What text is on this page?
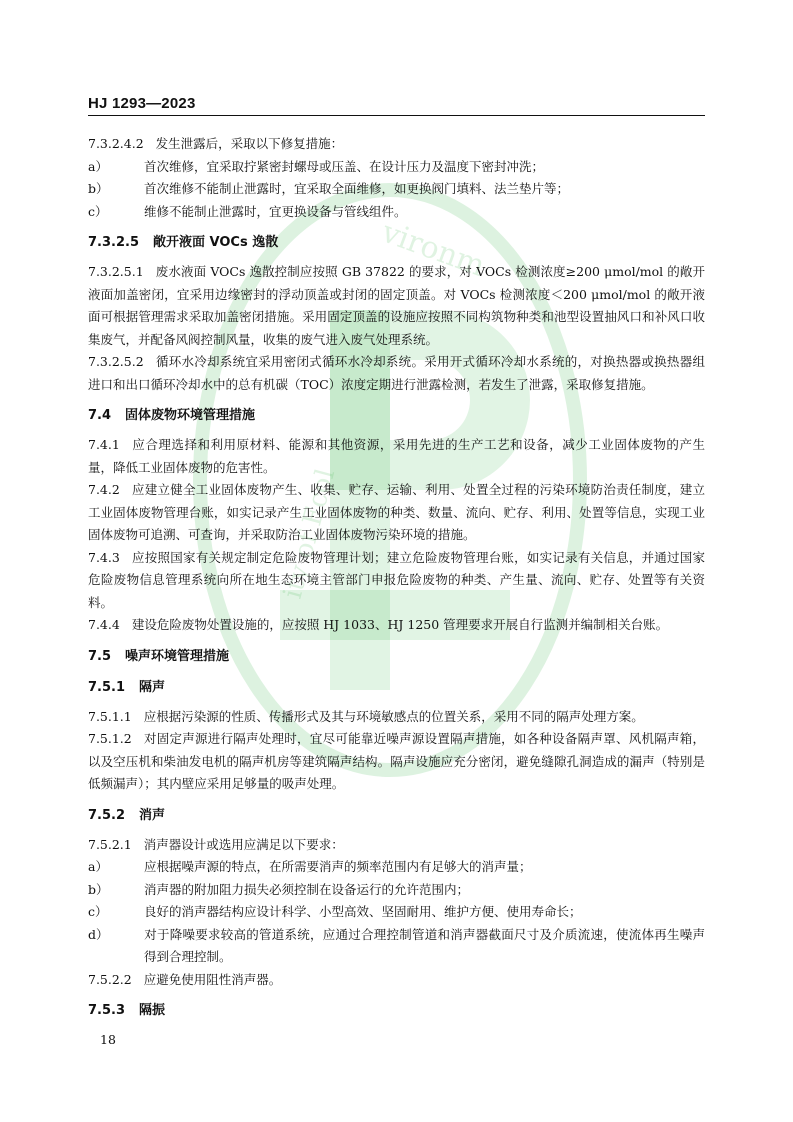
vironm
ity of Ecol
HJ 1293—2023

7.3.2.4.2 发生泄露后，采取以下修复措施：

a）	首次维修，宜采取拧紧密封螺母或压盖、在设计压力及温度下密封冲洗；

b）	首次维修不能制止泄露时，宜采取全面维修，如更换阀门填料、法兰垫片等；

c）	维修不能制止泄露时，宜更换设备与管线组件。

7.3.2.5 敞开液面 VOCs 逸散

7.3.2.5.1 废水液面 VOCs 逸散控制应按照 GB 37822 的要求，对 VOCs 检测浓度≥200 μmol/mol 的敞开液面加盖密闭，宜采用边缘密封的浮动顶盖或封闭的固定顶盖。对 VOCs 检测浓度＜200 μmol/mol 的敞开液面可根据管理需求采取加盖密闭措施。采用固定顶盖的设施应按照不同构筑物种类和池型设置抽风口和补风口收集废气，并配备风阀控制风量，收集的废气进入废气处理系统。

7.3.2.5.2 循环水冷却系统宜采用密闭式循环水冷却系统。采用开式循环冷却水系统的，对换热器或换热器组进口和出口循环冷却水中的总有机碳（TOC）浓度定期进行泄露检测，若发生了泄露，采取修复措施。

7.4 固体废物环境管理措施

7.4.1 应合理选择和利用原材料、能源和其他资源，采用先进的生产工艺和设备，减少工业固体废物的产生量，降低工业固体废物的危害性。

7.4.2 应建立健全工业固体废物产生、收集、贮存、运输、利用、处置全过程的污染环境防治责任制度，建立工业固体废物管理台账，如实记录产生工业固体废物的种类、数量、流向、贮存、利用、处置等信息，实现工业固体废物可追溯、可查询，并采取防治工业固体废物污染环境的措施。

7.4.3 应按照国家有关规定制定危险废物管理计划；建立危险废物管理台账，如实记录有关信息，并通过国家危险废物信息管理系统向所在地生态环境主管部门申报危险废物的种类、产生量、流向、贮存、处置等有关资料。

7.4.4 建设危险废物处置设施的，应按照 HJ 1033、HJ 1250 管理要求开展自行监测并编制相关台账。

7.5 噪声环境管理措施
7.5.1 隔声

7.5.1.1 应根据污染源的性质、传播形式及其与环境敏感点的位置关系，采用不同的隔声处理方案。

7.5.1.2 对固定声源进行隔声处理时，宜尽可能靠近噪声源设置隔声措施，如各种设备隔声罩、风机隔声箱，以及空压机和柴油发电机的隔声机房等建筑隔声结构。隔声设施应充分密闭，避免缝隙孔洞造成的漏声（特别是低频漏声）；其内壁应采用足够量的吸声处理。

7.5.2 消声

7.5.2.1 消声器设计或选用应满足以下要求：

a）	应根据噪声源的特点，在所需要消声的频率范围内有足够大的消声量；

b）	消声器的附加阻力损失必须控制在设备运行的允许范围内；

c）	良好的消声器结构应设计科学、小型高效、坚固耐用、维护方便、使用寿命长；

d）	对于降噪要求较高的管道系统，应通过合理控制管道和消声器截面尺寸及介质流速，使流体再生噪声得到合理控制。

7.5.2.2 应避免使用阻性消声器。

7.5.3 隔振
18
